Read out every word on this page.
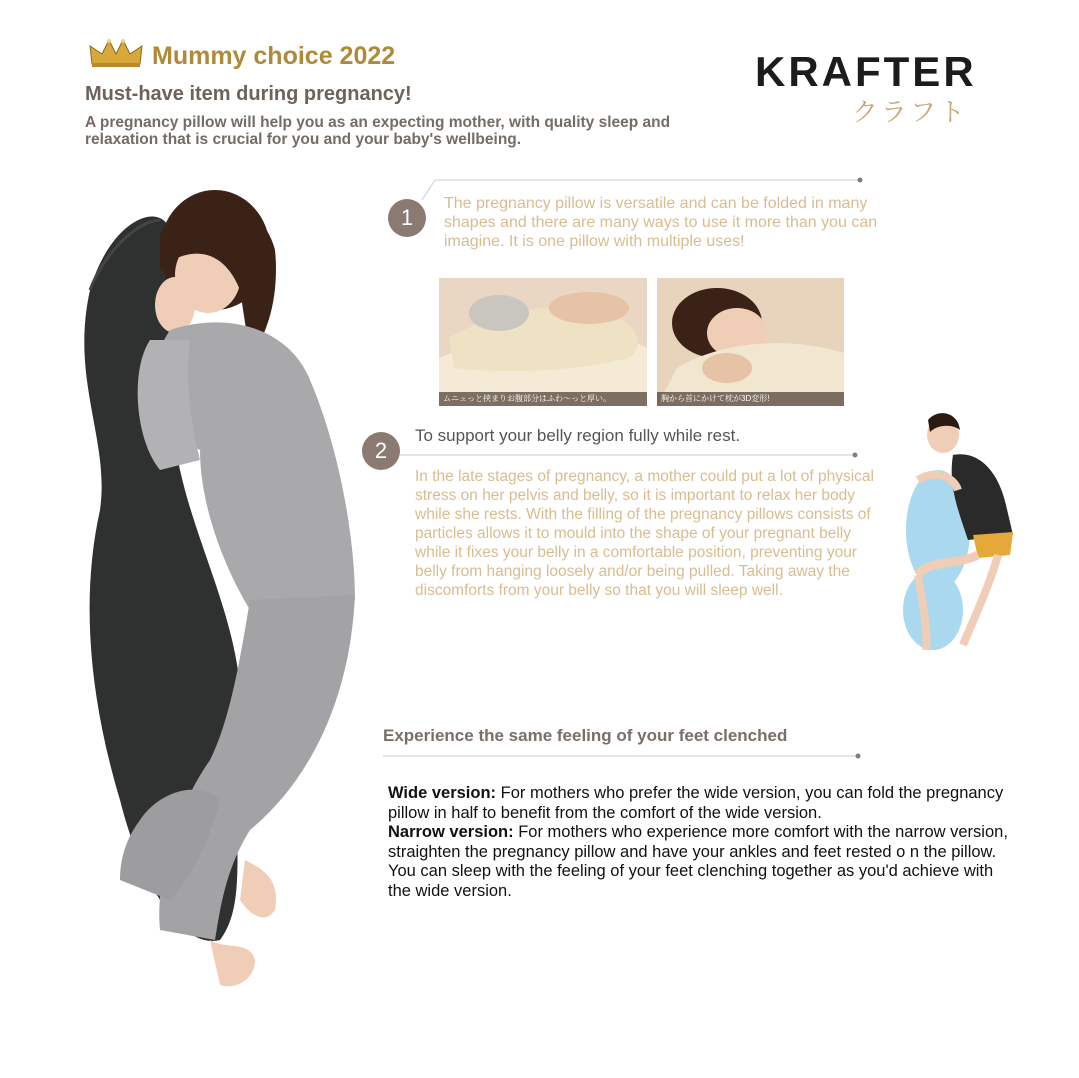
Mummy choice 2022
Must-have item during pregnancy!
A pregnancy pillow will help you as an expecting mother, with quality sleep and relaxation that is crucial for you and your baby's wellbeing.
KRAFTER
クラフト
1
The pregnancy pillow is versatile and can be folded in many shapes and there are many ways to use it more than you can imagine. It is one pillow with multiple uses!
ムニュっと挟まりお腹部分はふわ〜っと厚い。	胸から首にかけて枕が3D変形!
2
To support your belly region fully while rest.
In the late stages of pregnancy, a mother could put a lot of physical stress on her pelvis and belly, so it is important to relax her body while she rests. With the filling of the pregnancy pillows consists of particles allows it to mould into the shape of your pregnant belly while it fixes your belly in a comfortable position, preventing your belly from hanging loosely and/or being pulled. Taking away the discomforts from your belly so that you will sleep well.
Experience the same feeling of your feet clenched
Wide version: For mothers who prefer the wide version, you can fold the pregnancy pillow in half to benefit from the comfort of the wide version.
Narrow version: For mothers who experience more comfort with the narrow version, straighten the pregnancy pillow and have your ankles and feet rested o n the pillow. You can sleep with the feeling of your feet clenching together as you'd achieve with the wide version.
